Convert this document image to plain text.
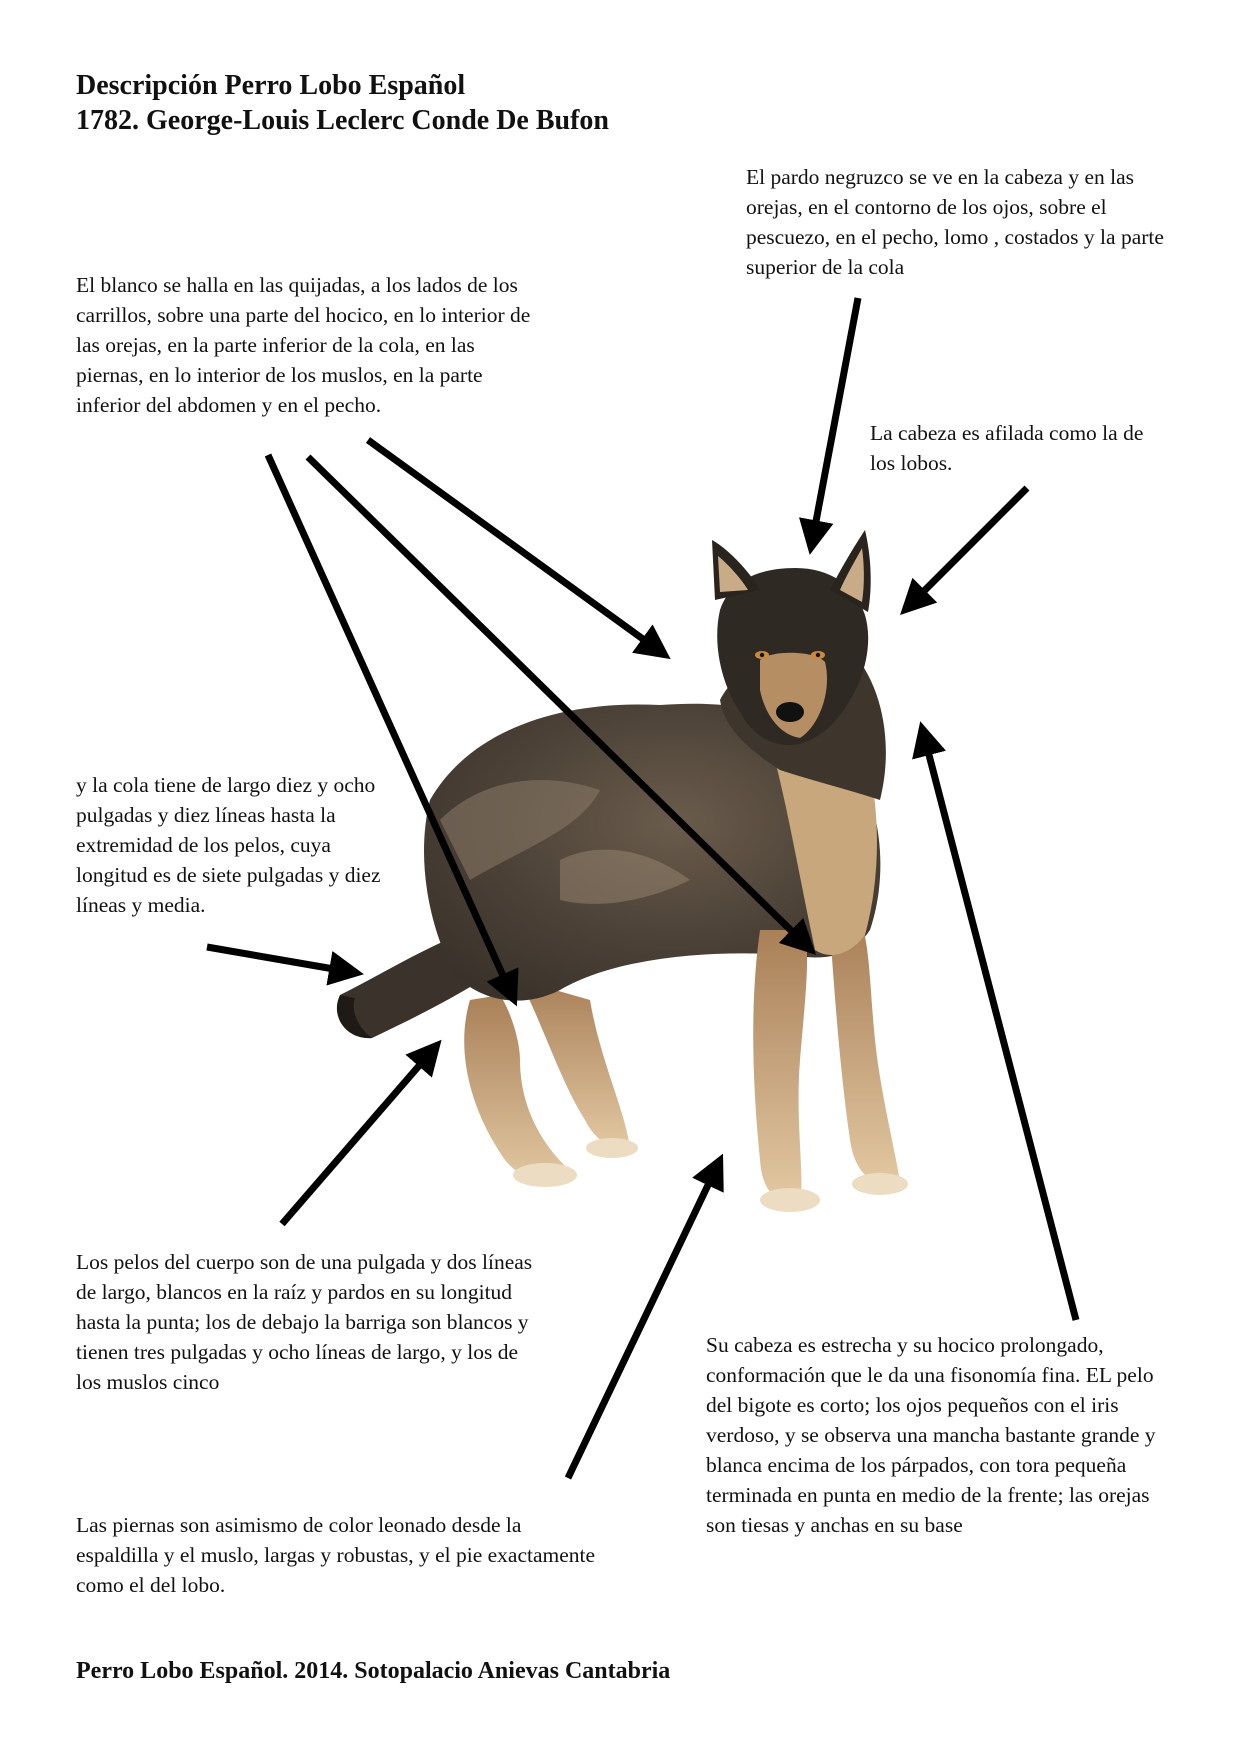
Descripción Perro Lobo Español
1782. George-Louis Leclerc Conde De Bufon

El blanco se halla en las quijadas, a los lados de los carrillos, sobre una parte del hocico, en lo interior de las orejas, en la parte inferior de la cola, en las piernas, en lo interior de los muslos, en la parte inferior del abdomen y en el pecho.

El pardo negruzco se ve en la cabeza y en las orejas, en el contorno de los ojos, sobre el pescuezo, en el pecho, lomo , costados y la parte superior de la cola

La cabeza es afilada como la de los lobos.

y la cola tiene de largo diez y ocho pulgadas y diez líneas hasta la extremidad de los pelos, cuya longitud es de siete pulgadas y diez líneas y media.

Los pelos del cuerpo son de una pulgada y dos líneas de largo, blancos en la raíz y pardos en su longitud hasta la punta; los de debajo la barriga son blancos y tienen tres pulgadas y ocho líneas de largo, y los de los muslos cinco

Las piernas son asimismo de color leonado desde la espaldilla y el muslo, largas y robustas, y el pie exactamente como el del lobo.

Su cabeza es estrecha y su hocico prolongado, conformación que le da una fisonomía fina. EL pelo del bigote es corto; los ojos pequeños con el iris verdoso, y se observa una mancha bastante grande y blanca encima de los párpados, con tora pequeña terminada en punta en medio de la frente; las orejas son tiesas y anchas en su base

Perro Lobo Español. 2014. Sotopalacio Anievas Cantabria
